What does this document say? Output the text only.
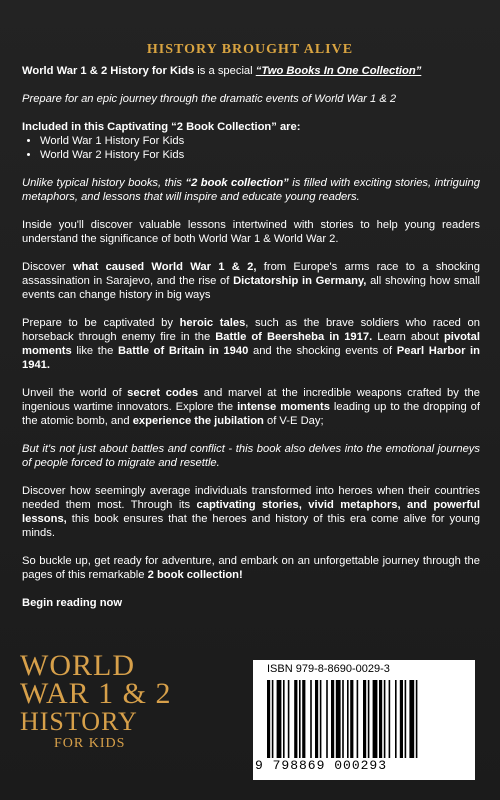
HISTORY BROUGHT ALIVE

World War 1 & 2 History for Kids is a special “Two Books In One Collection”

Prepare for an epic journey through the dramatic events of World War 1 & 2

Included in this Captivating “2 Book Collection” are:
• World War 1 History For Kids
• World War 2 History For Kids

Unlike typical history books, this “2 book collection” is filled with exciting stories, intriguing metaphors, and lessons that will inspire and educate young readers.

Inside you'll discover valuable lessons intertwined with stories to help young readers understand the significance of both World War 1 & World War 2.

Discover what caused World War 1 & 2, from Europe's arms race to a shocking assassination in Sarajevo, and the rise of Dictatorship in Germany, all showing how small events can change history in big ways

Prepare to be captivated by heroic tales, such as the brave soldiers who raced on horseback through enemy fire in the Battle of Beersheba in 1917. Learn about pivotal moments like the Battle of Britain in 1940 and the shocking events of Pearl Harbor in 1941.

Unveil the world of secret codes and marvel at the incredible weapons crafted by the ingenious wartime innovators. Explore the intense moments leading up to the dropping of the atomic bomb, and experience the jubilation of V-E Day;

But it's not just about battles and conflict - this book also delves into the emotional journeys of people forced to migrate and resettle.

Discover how seemingly average individuals transformed into heroes when their countries needed them most. Through its captivating stories, vivid metaphors, and powerful lessons, this book ensures that the heroes and history of this era come alive for young minds.

So buckle up, get ready for adventure, and embark on an unforgettable journey through the pages of this remarkable 2 book collection!

Begin reading now

WORLD
WAR 1 & 2
HISTORY
FOR KIDS
ISBN 979-8-8690-0029-3
9 798869 000293
